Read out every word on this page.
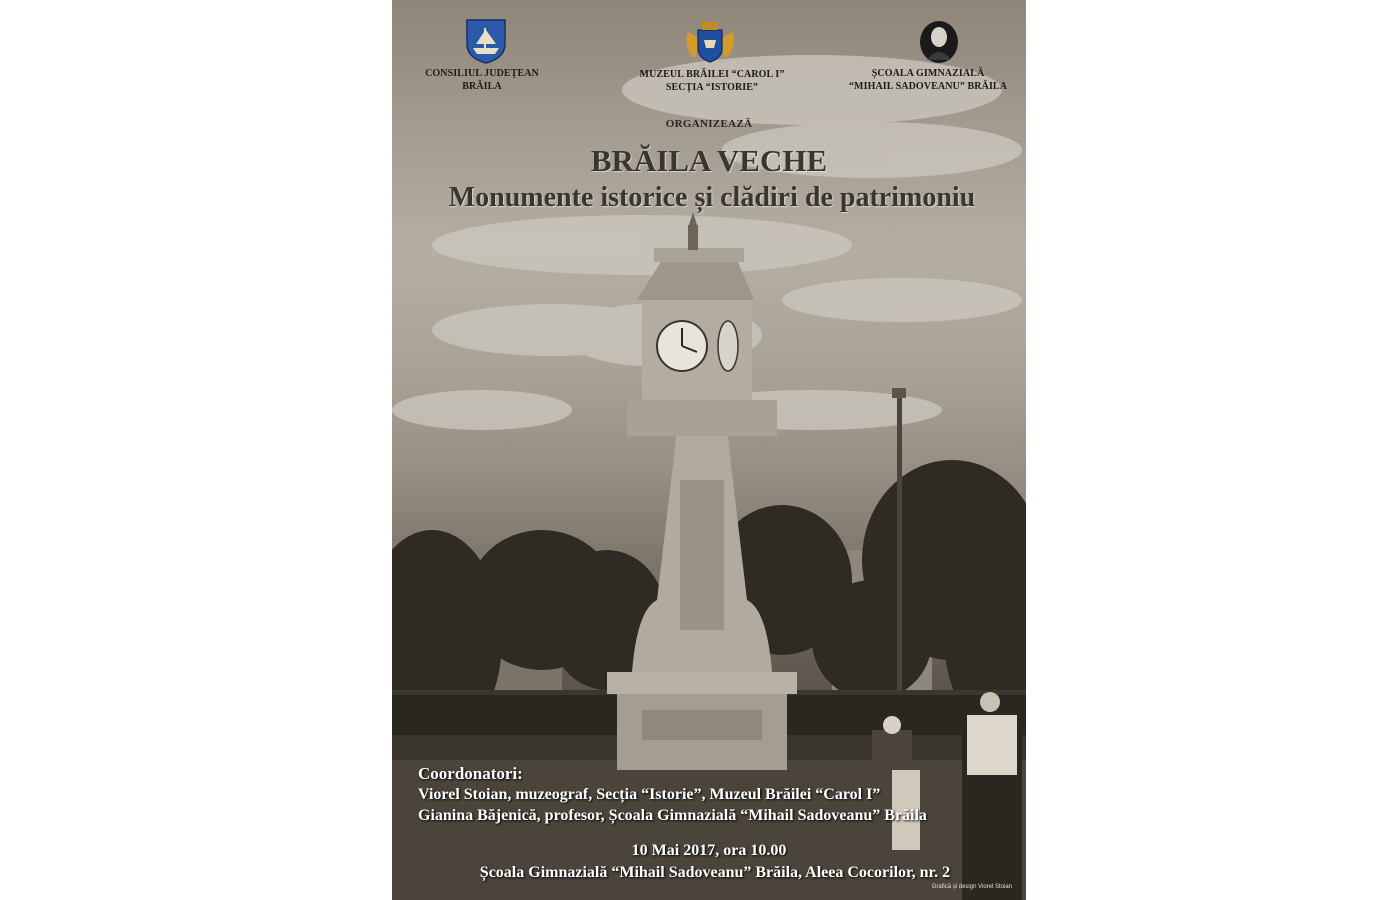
CONSILIUL JUDEȚEAN
BRĂILA
MUZEUL BRĂILEI “CAROL I”
SECȚIA “ISTORIE”
ȘCOALA GIMNAZIALĂ
“MIHAIL SADOVEANU” BRĂILA
ORGANIZEAZĂ
BRĂILA VECHE
Monumente istorice și clădiri de patrimoniu
Coordonatori:
Viorel Stoian, muzeograf, Secția “Istorie”, Muzeul Brăilei “Carol I”
Gianina Băjenică, profesor, Școala Gimnazială “Mihail Sadoveanu” Brăila
10 Mai 2017, ora 10.00
Școala Gimnazială “Mihail Sadoveanu” Brăila, Aleea Cocorilor, nr. 2
Grafică și design Viorel Stoian
